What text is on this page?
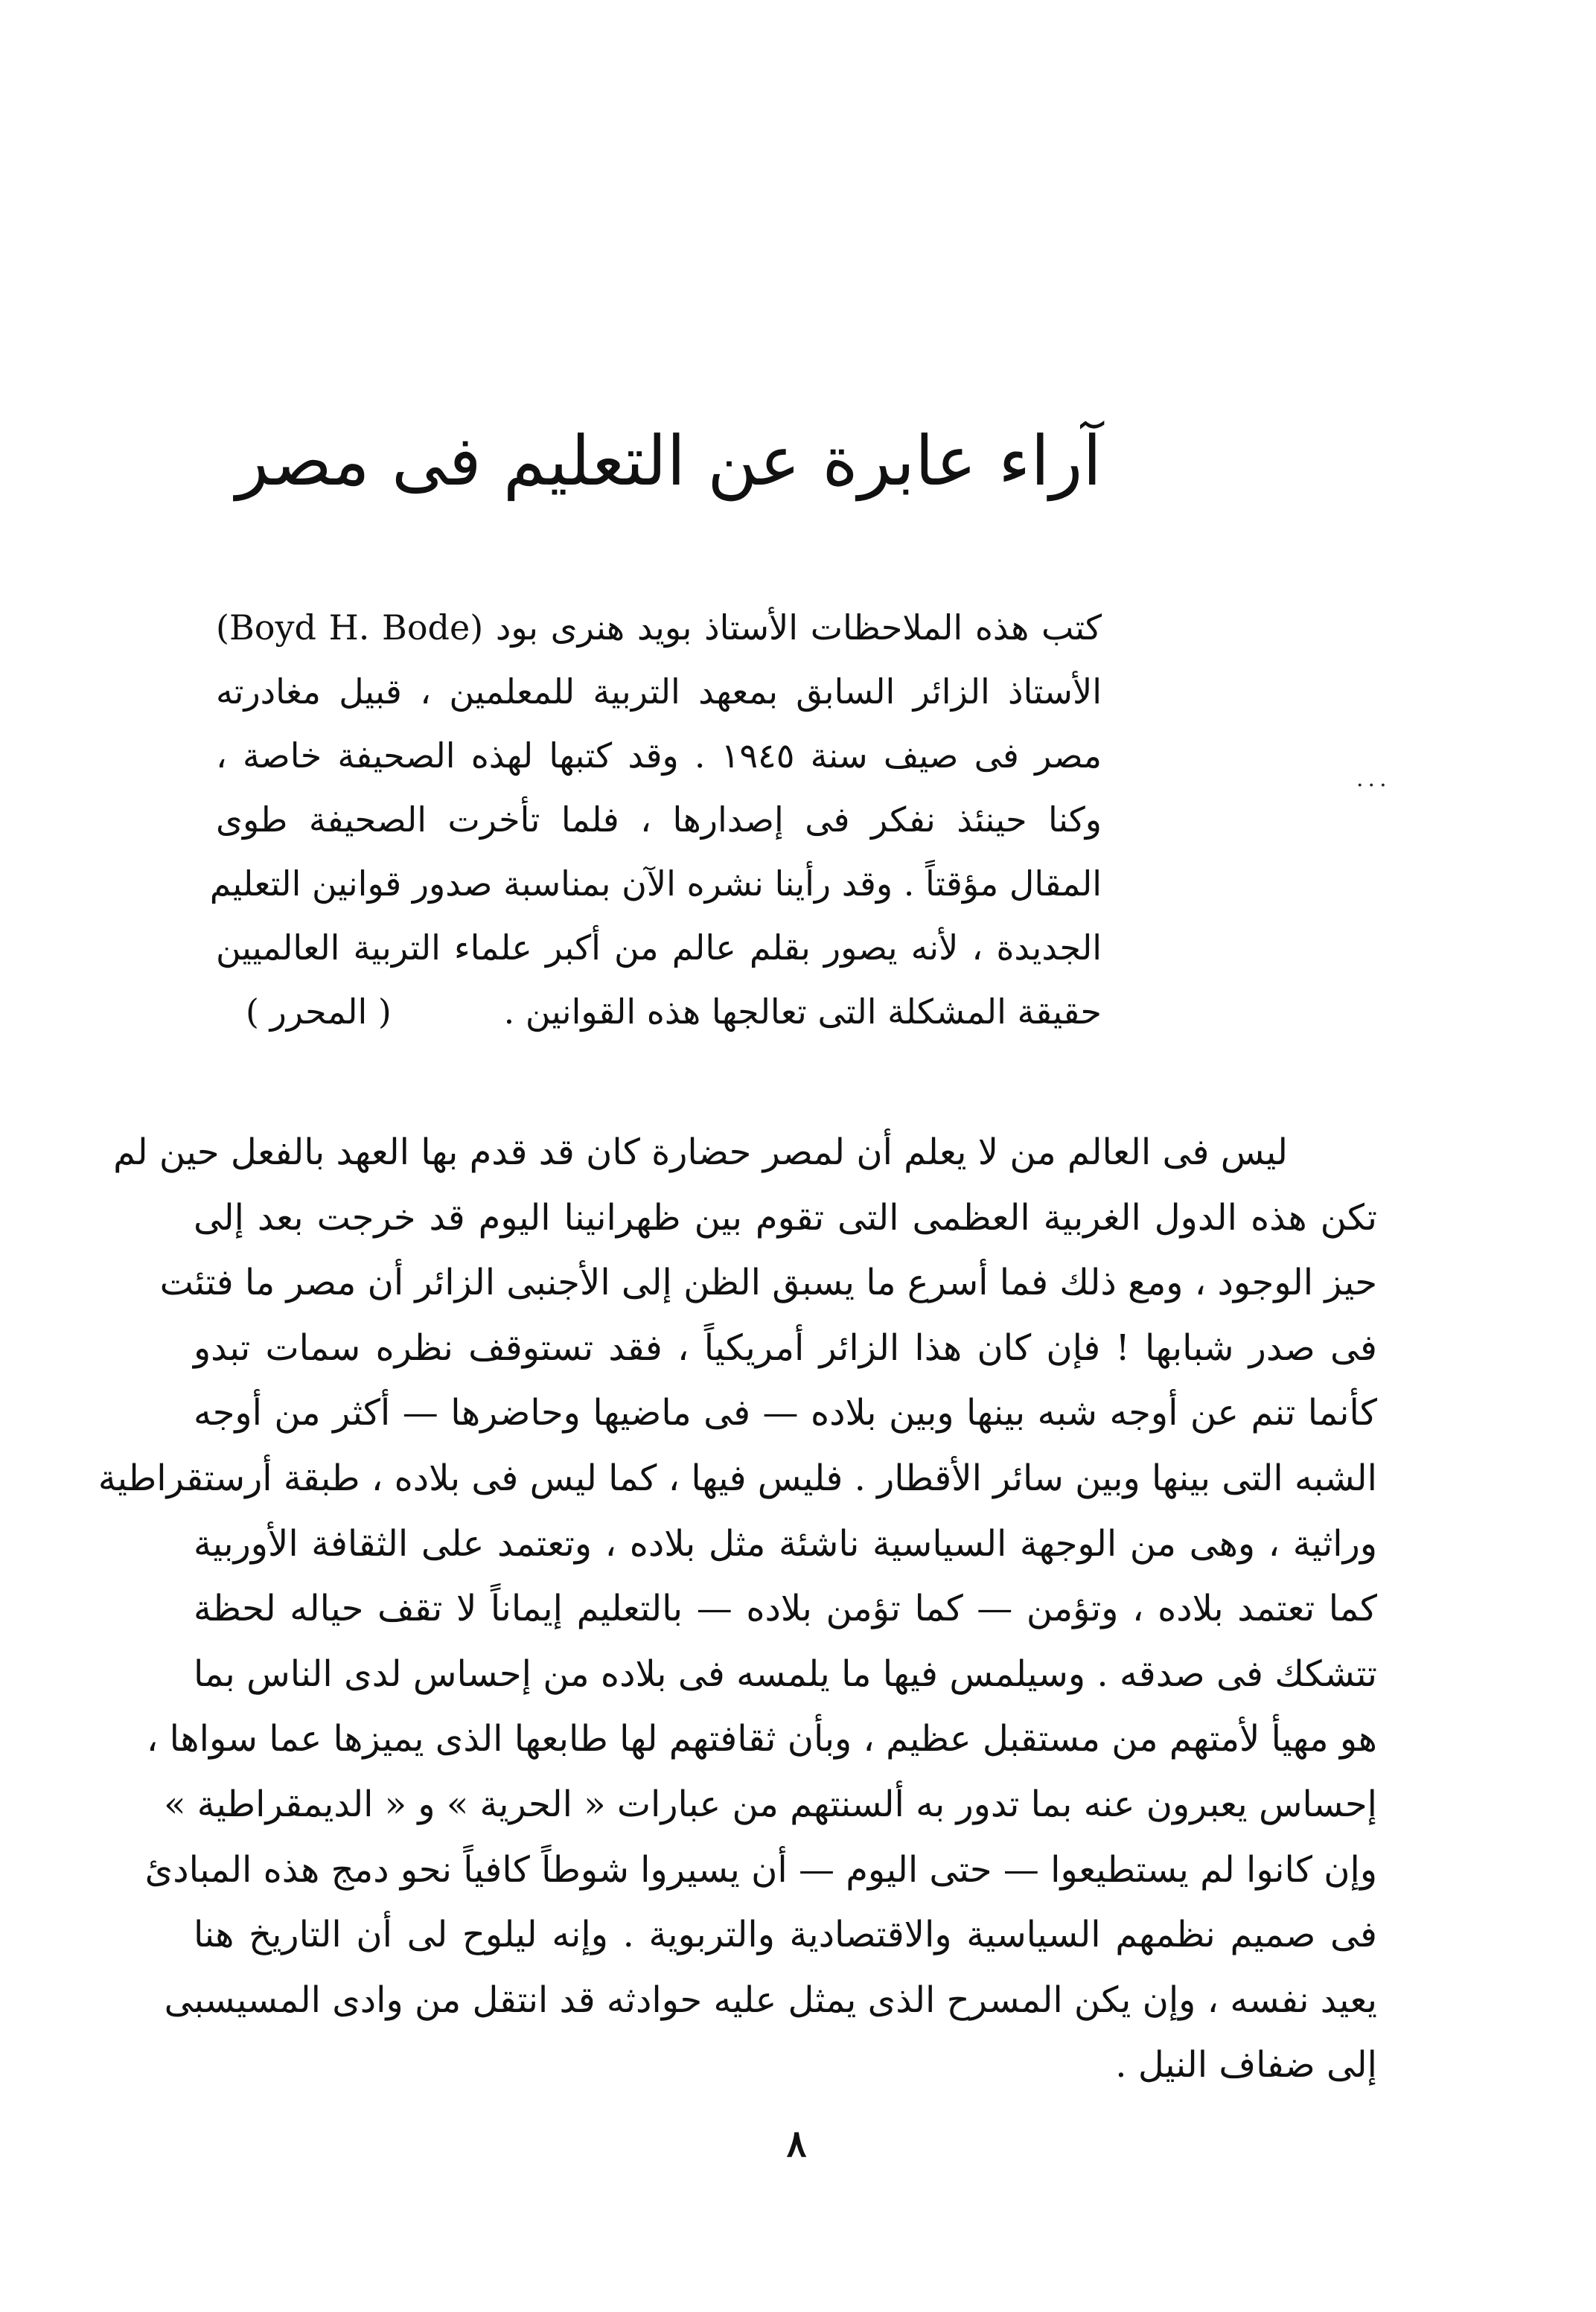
آراء عابرة عن التعليم فى مصر
كتب هذه الملاحظات الأستاذ بويد هنرى بود (Boyd H. Bode)
الأستاذ الزائر السابق بمعهد التربية للمعلمين ، قبيل مغادرته
مصر فى صيف سنة ١٩٤٥ . وقد كتبها لهذه الصحيفة خاصة ،
وكنا حينئذ نفكر فى إصدارها ، فلما تأخرت الصحيفة طوى
المقال مؤقتاً . وقد رأينا نشره الآن بمناسبة صدور قوانين التعليم
الجديدة ، لأنه يصور بقلم عالم من أكبر علماء التربية العالميين
حقيقة المشكلة التى تعالجها هذه القوانين .
( المحرر )
···
ليس فى العالم من لا يعلم أن لمصر حضارة كان قد قدم بها العهد بالفعل حين لم
تكن هذه الدول الغربية العظمى التى تقوم بين ظهرانينا اليوم قد خرجت بعد إلى
حيز الوجود ، ومع ذلك فما أسرع ما يسبق الظن إلى الأجنبى الزائر أن مصر ما فتئت
فى صدر شبابها ! فإن كان هذا الزائر أمريكياً ، فقد تستوقف نظره سمات تبدو
كأنما تنم عن أوجه شبه بينها وبين بلاده — فى ماضيها وحاضرها — أكثر من أوجه
الشبه التى بينها وبين سائر الأقطار . فليس فيها ، كما ليس فى بلاده ، طبقة أرستقراطية
وراثية ، وهى من الوجهة السياسية ناشئة مثل بلاده ، وتعتمد على الثقافة الأوربية
كما تعتمد بلاده ، وتؤمن — كما تؤمن بلاده — بالتعليم إيماناً لا تقف حياله لحظة
تتشكك فى صدقه . وسيلمس فيها ما يلمسه فى بلاده من إحساس لدى الناس بما
هو مهيأ لأمتهم من مستقبل عظيم ، وبأن ثقافتهم لها طابعها الذى يميزها عما سواها ،
إحساس يعبرون عنه بما تدور به ألسنتهم من عبارات « الحرية » و « الديمقراطية »
وإن كانوا لم يستطيعوا — حتى اليوم — أن يسيروا شوطاً كافياً نحو دمج هذه المبادئ
فى صميم نظمهم السياسية والاقتصادية والتربوية . وإنه ليلوح لى أن التاريخ هنا
يعيد نفسه ، وإن يكن المسرح الذى يمثل عليه حوادثه قد انتقل من وادى المسيسبى
إلى ضفاف النيل .
٨
